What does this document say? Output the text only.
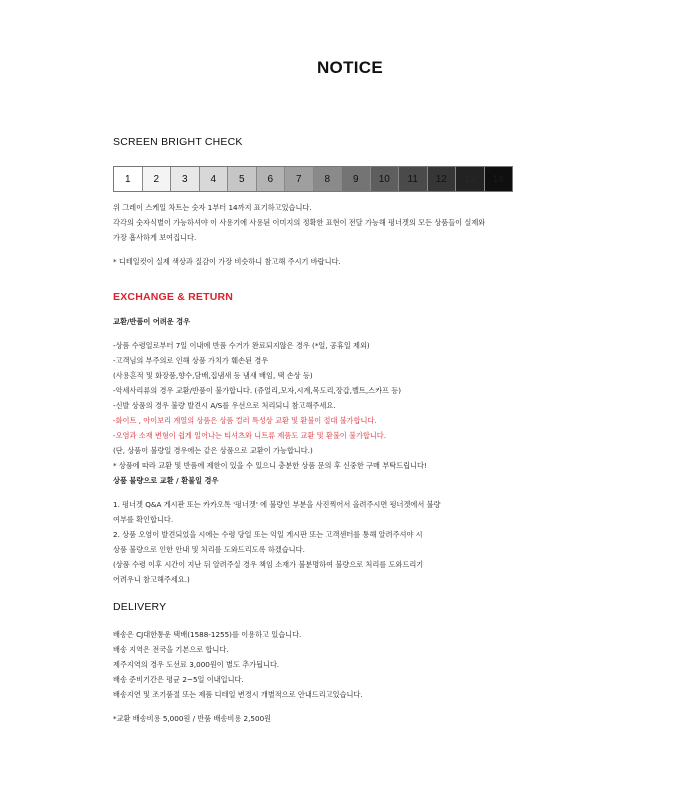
NOTICE
SCREEN BRIGHT CHECK
1	2	3	4	5	6	7	8	9	10	11	12	13	14
위 그레이 스케일 차트는 숫자 1부터 14까지 표기하고있습니다.
각각의 숫자식별이 가능하셔야 이 사용기에 사용된 이미지의 정확한 표현이 전달 가능해 펑너겟의 모든 상품들이 실제와
가장 흡사하게 보여집니다.
* 디테일컷이 실제 색상과 질감이 가장 비슷하니 참고해 주시기 바랍니다.
EXCHANGE & RETURN
교환/반품이 어려운 경우
-상품 수령일로부터 7일 이내에 반품 수거가 완료되지않은 경우 (*일, 공휴일 제외)
-고객님의 부주의로 인해 상품 가치가 훼손된 경우
(사용흔적 및 화장품,향수,담배,집냄새 등 냄새 배임, 택 손상 등)
-악세사리류의 경우 교환/반품이 불가합니다. (쥬얼리,모자,시계,목도리,장갑,벨트,스카프 등)
-신발 상품의 경우 불량 발견시 A/S를 우선으로 처리되니 참고해주세요.
-화이트 , 아이보리 계열의 상품은 상품 컬러 특성상 교환 및 환불이 절대 불가합니다.
-오염과 소재 변형이 쉽게 일어나는 티셔츠와 니트류 제품도 교환 및 환불이 불가합니다.
(단, 상품이 불량일 경우에는 같은 상품으로 교환이 가능합니다.)
* 상품에 따라 교환 및 반품에 제한이 있을 수 있으니 충분한 상품 문의 후 신중한 구매 부탁드립니다!
상품 불량으로 교환 / 환불일 경우
1. 펑너겟 Q&A 게시판 또는 카카오톡 '펑너겟' 에 불량인 부분을 사진찍어서 올려주시면 펑너겟에서 불량
여부를 확인합니다.
2. 상품 오염이 발견되었을 시에는 수령 당일 또는 익일 게시판 또는 고객센터를 통해 알려주셔야 시
상품 불량으로 인한 안내 및 처리를 도와드리도록 하겠습니다.
(상품 수령 이후 시간이 지난 뒤 알려주실 경우 책임 소재가 불분명하여 불량으로 처리를 도와드리기
어려우니 참고해주세요.)
DELIVERY
배송은 CJ대한통운 택배(1588-1255)를 이용하고 있습니다.
배송 지역은 전국을 기본으로 합니다.
제주지역의 경우 도선료 3,000원이 별도 추가됩니다.
배송 준비기간은 평균 2~5일 이내입니다.
배송지연 및 조기품절 또는 제품 디테일 변경시 개별적으로 안내드리고있습니다.
*교환 배송비용 5,000원 / 반품 배송비용 2,500원
